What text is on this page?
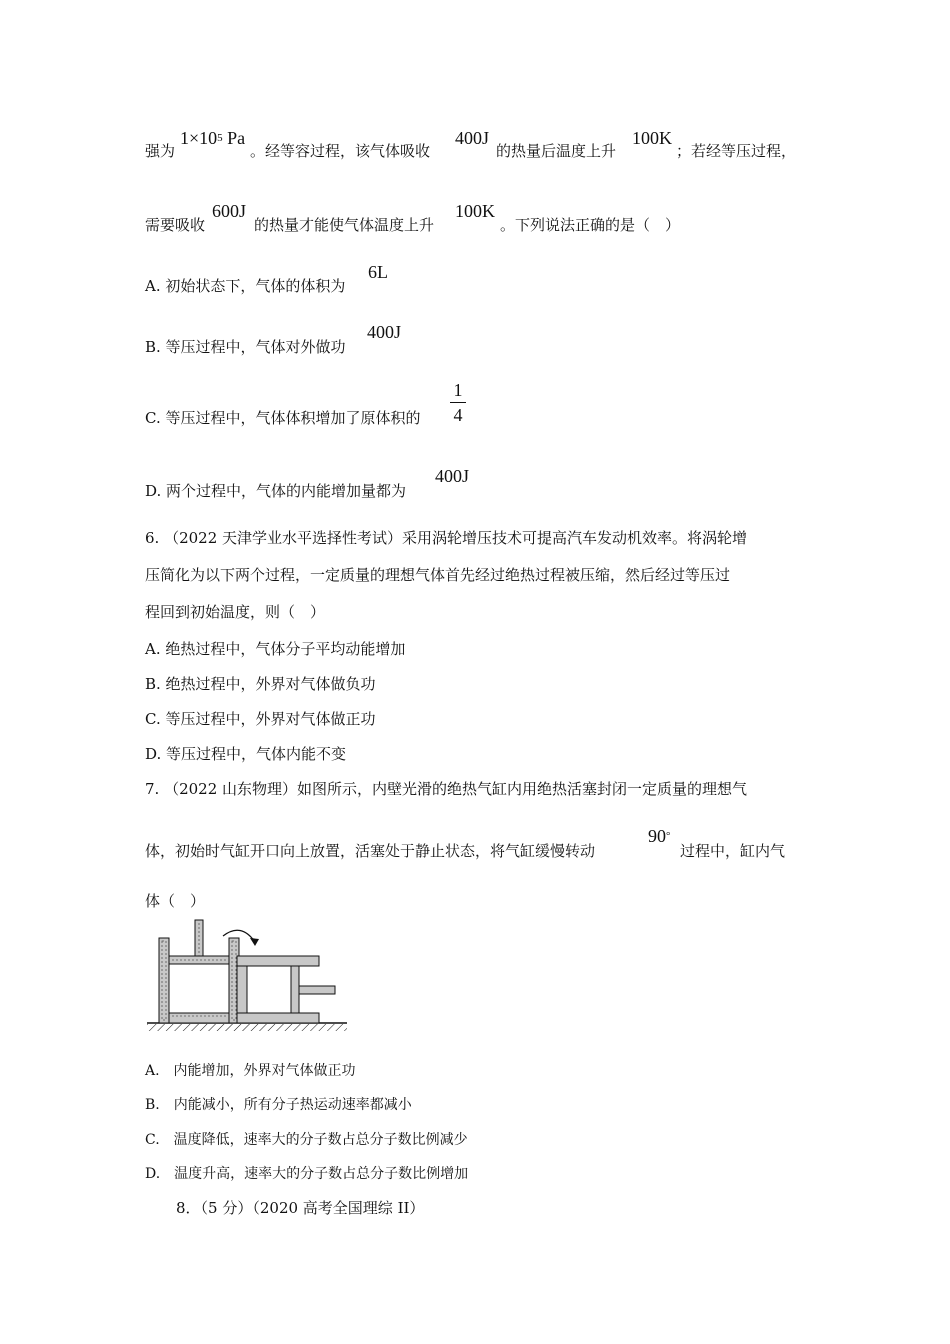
强为
$1\times 10^5$ Pa
。经等容过程，该气体吸收
400J
的热量后温度上升
100K
；若经等压过程，
需要吸收
600J
的热量才能使气体温度上升
100K
。下列说法正确的是（　）
A. 初始状态下，气体的体积为
6L
B. 等压过程中，气体对外做功
400J
C. 等压过程中，气体体积增加了原体积的
1
4
D. 两个过程中，气体的内能增加量都为
400J
6. （2022 天津学业水平选择性考试）采用涡轮增压技术可提高汽车发动机效率。将涡轮增
压简化为以下两个过程，一定质量的理想气体首先经过绝热过程被压缩，然后经过等压过
程回到初始温度，则（　）
A. 绝热过程中，气体分子平均动能增加
B. 绝热过程中，外界对气体做负功
C. 等压过程中，外界对气体做正功
D. 等压过程中，气体内能不变
7. （2022 山东物理）如图所示，内壁光滑的绝热气缸内用绝热活塞封闭一定质量的理想气
体，初始时气缸开口向上放置，活塞处于静止状态，将气缸缓慢转动
90°
过程中，缸内气
体（　）
A.　内能增加，外界对气体做正功
B.　内能减小，所有分子热运动速率都减小
C.　温度降低，速率大的分子数占总分子数比例减少
D.　温度升高，速率大的分子数占总分子数比例增加
8．（5 分）（2020 高考全国理综 II）
